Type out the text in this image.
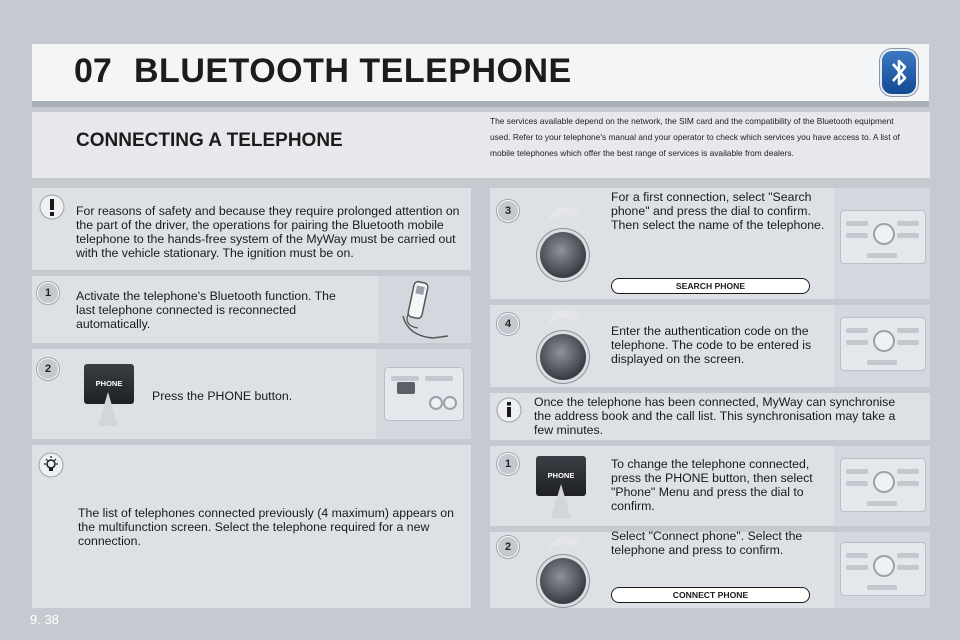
07 BLUETOOTH TELEPHONE
CONNECTING A TELEPHONE
The services available depend on the network, the SIM card and the compatibility of the Bluetooth equipment used. Refer to your telephone's manual and your operator to check which services you have access to. A list of mobile telephones which offer the best range of services is available from dealers.
For reasons of safety and because they require prolonged attention on the part of the driver, the operations for pairing the Bluetooth mobile telephone to the hands-free system of the MyWay must be carried out with the vehicle stationary. The ignition must be on.
1	Activate the telephone's Bluetooth function. The last telephone connected is reconnected automatically.
2
PHONE
Press the PHONE button.
The list of telephones connected previously (4 maximum) appears on the multifunction screen. Select the telephone required for a new connection.
3
For a first connection, select "Search phone" and press the dial to confirm. Then select the name of the telephone.
SEARCH PHONE
4	Enter the authentication code on the telephone. The code to be entered is displayed on the screen.
Once the telephone has been connected, MyWay can synchronise the address book and the call list. This synchronisation may take a few minutes.
1
PHONE
To change the telephone connected, press the PHONE button, then select "Phone" Menu and press the dial to confirm.
2
Select "Connect phone". Select the telephone and press to confirm.
CONNECT PHONE
9. 38
